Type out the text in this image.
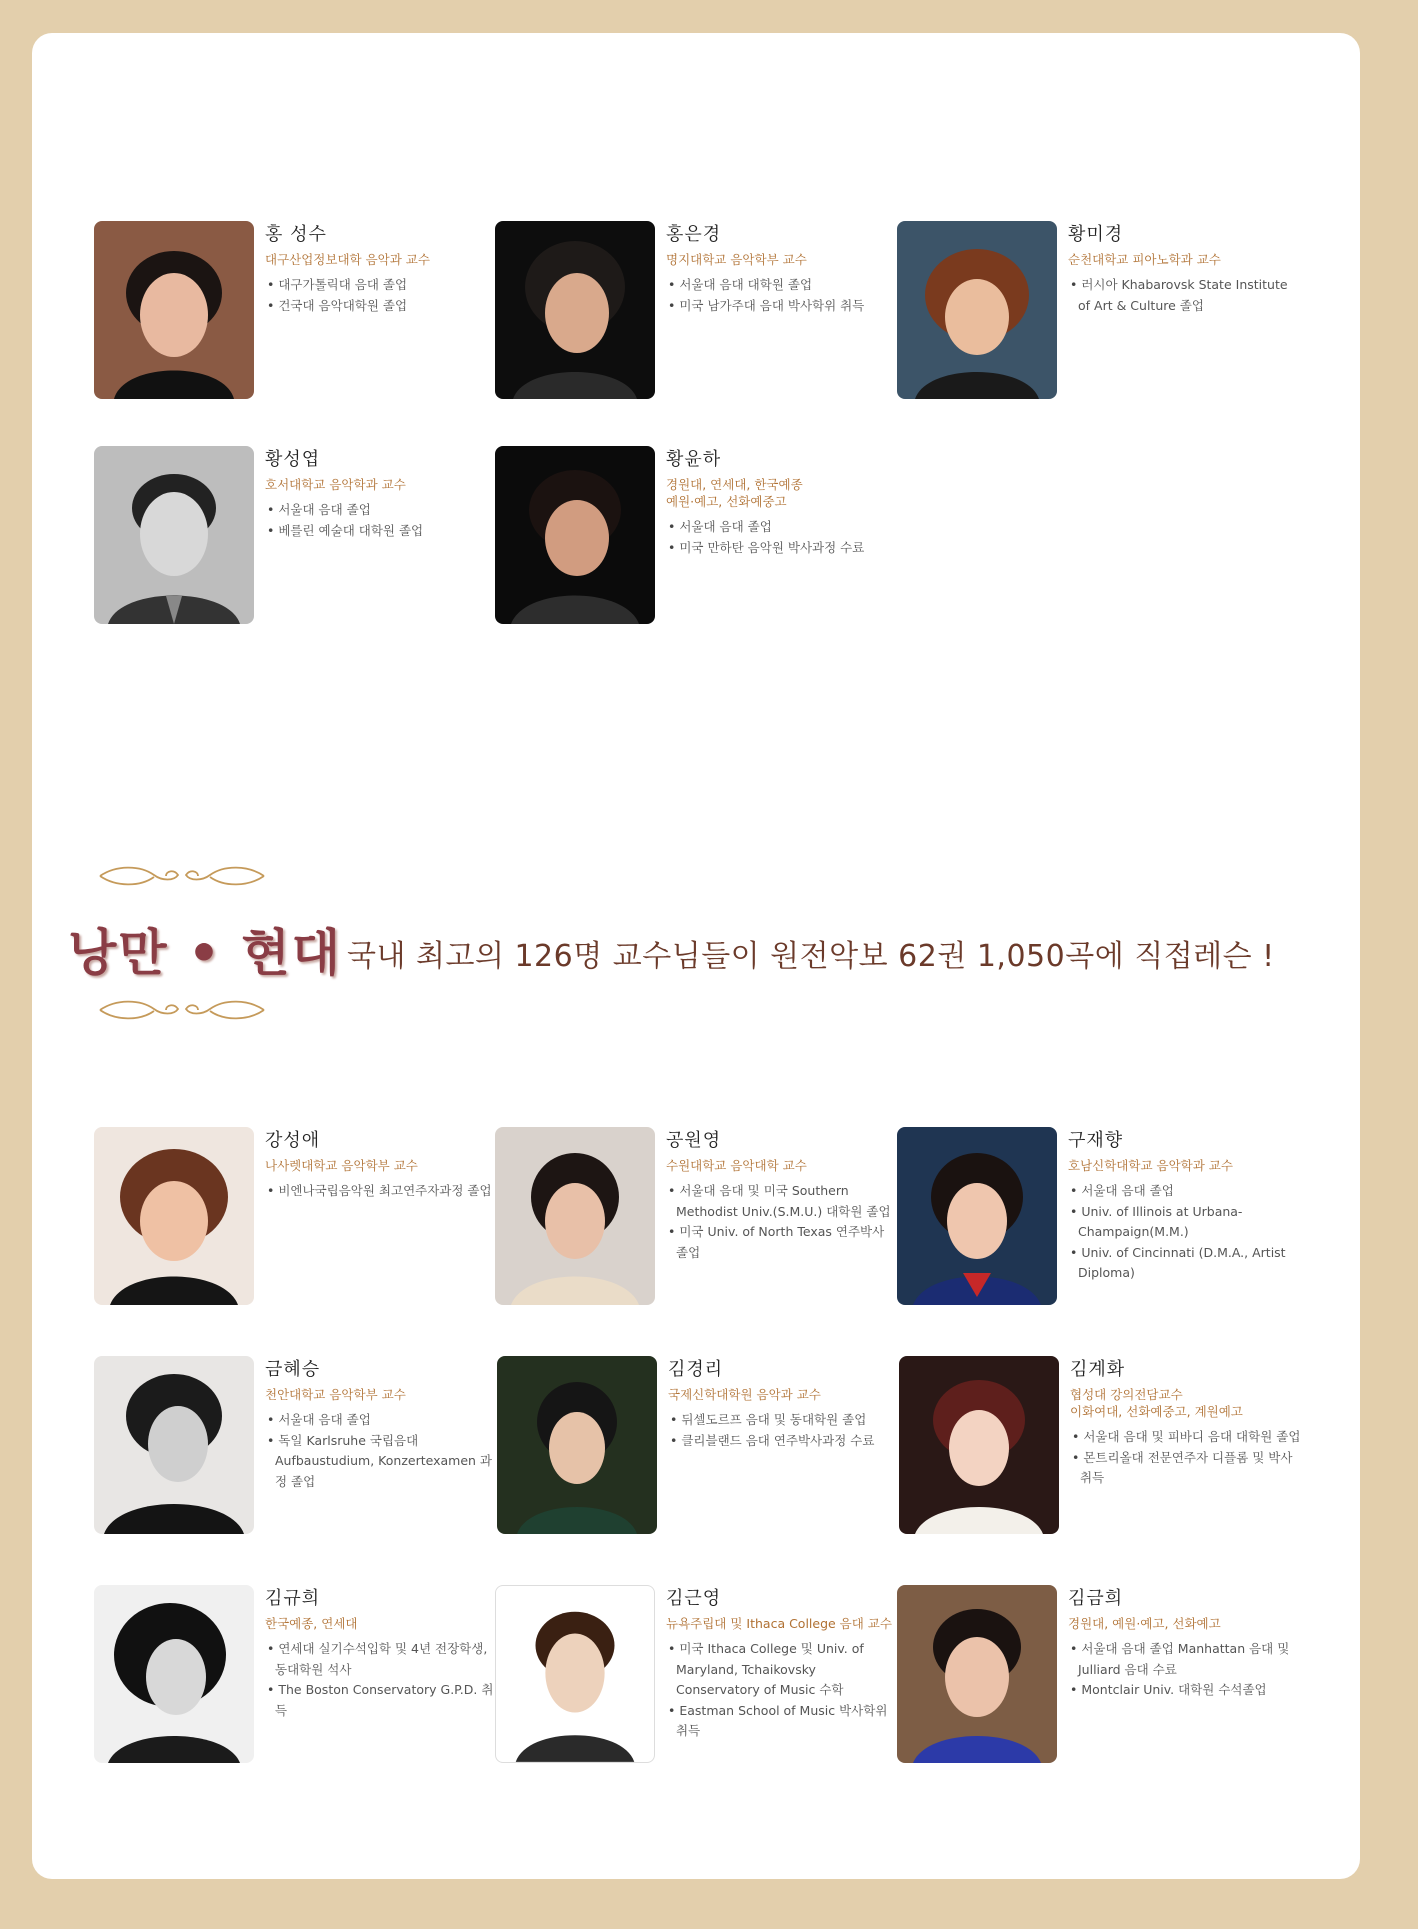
낭만 • 현대 국내 최고의 126명 교수님들이 원전악보 62권 1,050곡에 직접레슨 !
홍 성수
대구산업정보대학 음악과 교수
• 대구가톨릭대 음대 졸업
• 건국대 음악대학원 졸업
홍은경
명지대학교 음악학부 교수
• 서울대 음대 대학원 졸업
• 미국 남가주대 음대 박사학위 취득
황미경
순천대학교 피아노학과 교수
• 러시아 Khabarovsk State Institute of Art & Culture 졸업
황성엽
호서대학교 음악학과 교수
• 서울대 음대 졸업
• 베를린 예술대 대학원 졸업
황윤하
경원대, 연세대, 한국예종
예원·예고, 선화예중고
• 서울대 음대 졸업
• 미국 만하탄 음악원 박사과정 수료
강성애
나사렛대학교 음악학부 교수
• 비엔나국립음악원 최고연주자과정 졸업
공원영
수원대학교 음악대학 교수
• 서울대 음대 및 미국 Southern Methodist Univ.(S.M.U.) 대학원 졸업
• 미국 Univ. of North Texas 연주박사 졸업
구재향
호남신학대학교 음악학과 교수
• 서울대 음대 졸업
• Univ. of Illinois at Urbana-Champaign(M.M.)
• Univ. of Cincinnati (D.M.A., Artist Diploma)
금혜승
천안대학교 음악학부 교수
• 서울대 음대 졸업
• 독일 Karlsruhe 국립음대 Aufbaustudium, Konzertexamen 과정 졸업
김경리
국제신학대학원 음악과 교수
• 뒤셀도르프 음대 및 동대학원 졸업
• 클리블랜드 음대 연주박사과정 수료
김계화
협성대 강의전담교수
이화여대, 선화예중고, 계원예고
• 서울대 음대 및 피바디 음대 대학원 졸업
• 몬트리올대 전문연주자 디플롬 및 박사 취득
김규희
한국예종, 연세대
• 연세대 실기수석입학 및 4년 전장학생, 동대학원 석사
• The Boston Conservatory G.P.D. 취득
김근영
뉴욕주립대 및 Ithaca College 음대 교수
• 미국 Ithaca College 및 Univ. of Maryland, Tchaikovsky Conservatory of Music 수학
• Eastman School of Music 박사학위 취득
김금희
경원대, 예원·예고, 선화예고
• 서울대 음대 졸업 Manhattan 음대 및 Julliard 음대 수료
• Montclair Univ. 대학원 수석졸업
